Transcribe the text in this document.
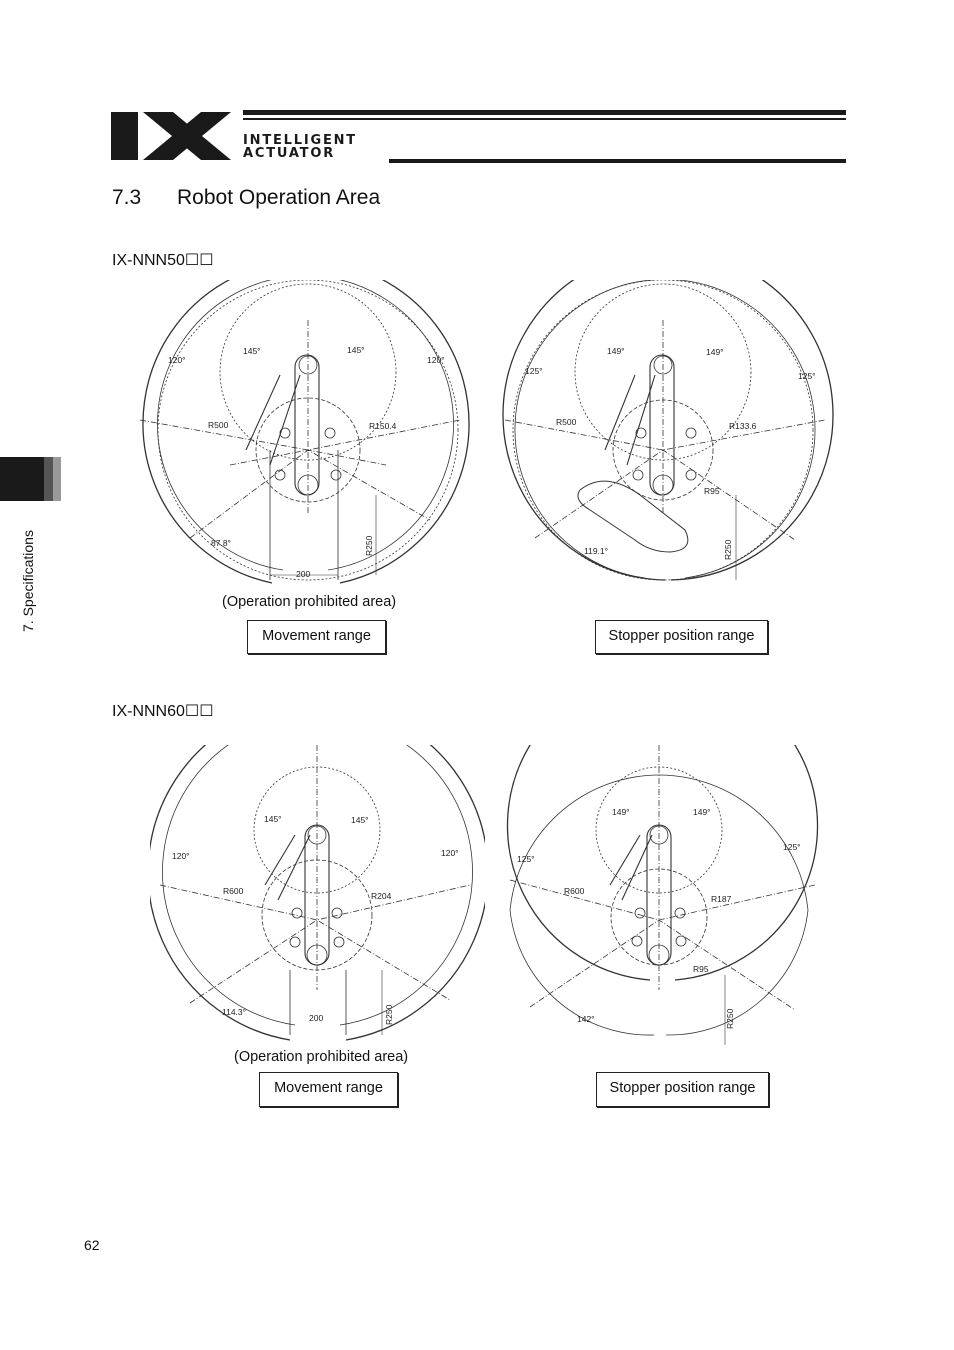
INTELLIGENT
ACTUATOR
7.3 Robot Operation Area
7. Specifications
IX-NNN50☐☐
120°	120°
145°	145°
R500	R150.4
87.8°
200
R250
125°	125°
149°	149°
R500	R133.6
R95
119.1°	R250
(Operation prohibited area)
Movement range	Stopper position range
IX-NNN60☐☐
120°	120°
145°	145°
R600	R204
114.3°
200	R250
125°
125°
149°	149°
R600
R187
R95
142°	R250
(Operation prohibited area)
Movement range	Stopper position range
62
